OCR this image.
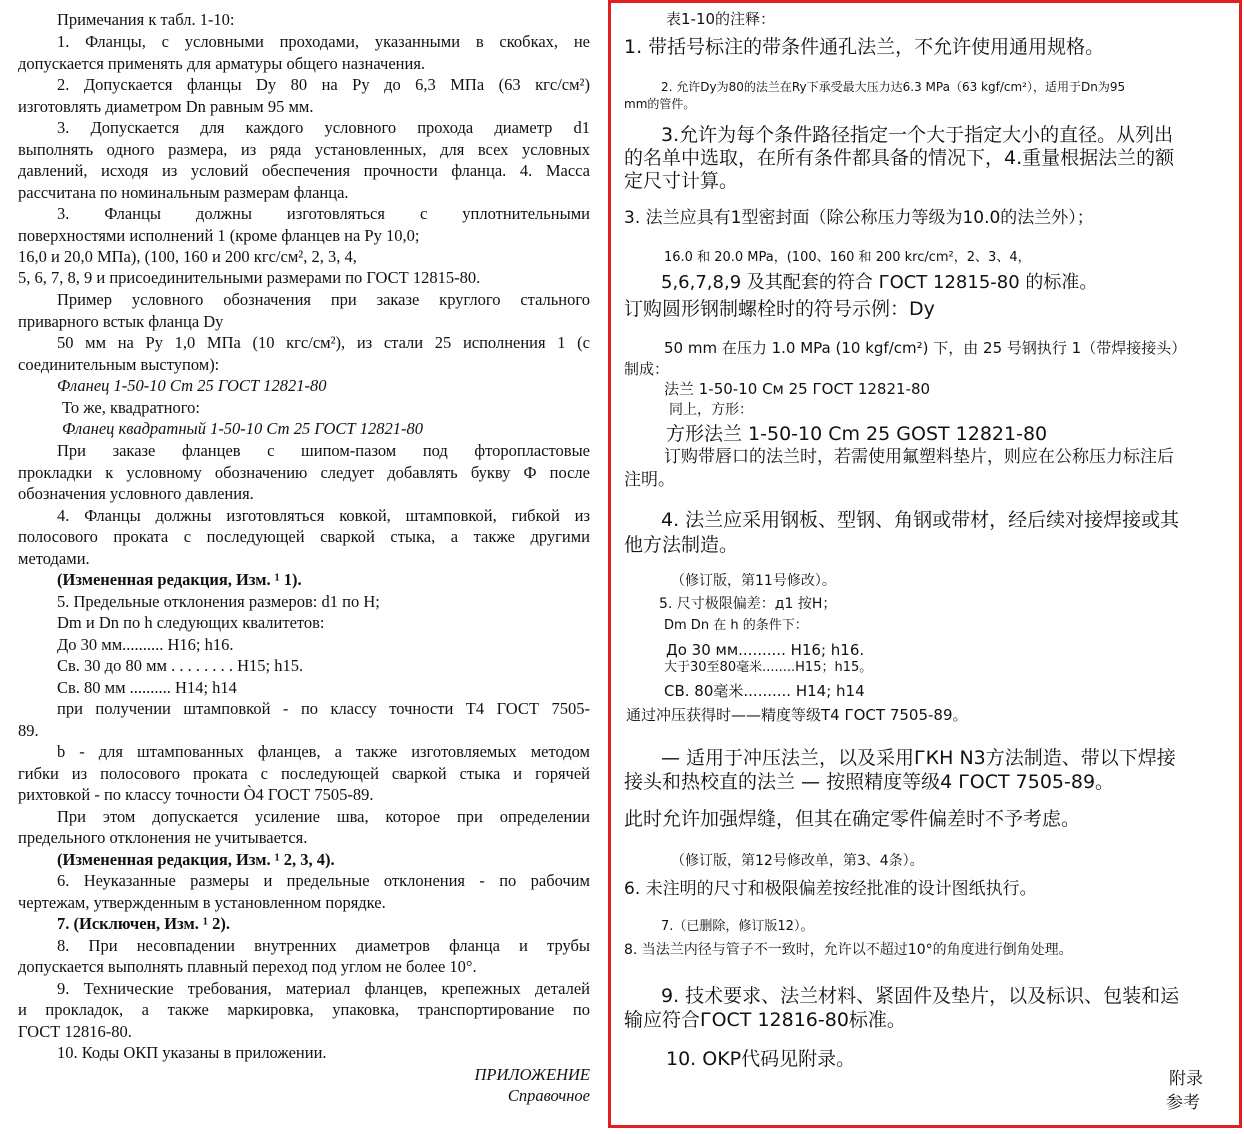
Примечания к табл. 1-10:
1. Фланцы, с условными проходами, указанными в скобках, не
допускается применять для арматуры общего назначения.
2. Допускается фланцы Dy 80 на Ру до 6,3 МПа (63 кгс/см²)
изготовлять диаметром Dn равным 95 мм.
3. Допускается для каждого условного прохода диаметр d1
выполнять одного размера, из ряда установленных, для всех условных
давлений, исходя из условий обеспечения прочности фланца. 4. Масса
рассчитана по номинальным размерам фланца.
3. Фланцы должны изготовляться с уплотнительными
поверхностями исполнений 1 (кроме фланцев на Ру 10,0;
16,0 и 20,0 МПа), (100, 160 и 200 кгс/см², 2, 3, 4,
5, 6, 7, 8, 9 и присоединительными размерами по ГОСТ 12815-80.
Пример условного обозначения при заказе круглого стального
приварного встык фланца Dy
50 мм на Ру 1,0 МПа (10 кгс/см²), из стали 25 исполнения 1 (с
соединительным выступом):
Фланец 1-50-10 Ст 25 ГОСТ 12821-80
То же, квадратного:
Фланец квадратный 1-50-10 Ст 25 ГОСТ 12821-80
При заказе фланцев с шипом-пазом под фторопластовые
прокладки к условному обозначению следует добавлять букву Ф после
обозначения условного давления.
4. Фланцы должны изготовляться ковкой, штамповкой, гибкой из
полосового проката с последующей сваркой стыка, а также другими
методами.
(Измененная редакция, Изм. ¹ 1).
5. Предельные отклонения размеров: d1 по H;
Dm и Dn по h следующих квалитетов:
До 30 мм.......... H16; h16.
Св. 30 до 80 мм . . . . . . . . H15; h15.
Св. 80 мм .......... H14; h14
при получении штамповкой - по классу точности Т4 ГОСТ 7505-
89.
b - для штампованных фланцев, а также изготовляемых методом
гибки из полосового проката с последующей сваркой стыка и горячей
рихтовкой - по классу точности Ò4 ГОСТ 7505-89.
При этом допускается усиление шва, которое при определении
предельного отклонения не учитывается.
(Измененная редакция, Изм. ¹ 2, 3, 4).
6. Неуказанные размеры и предельные отклонения - по рабочим
чертежам, утвержденным в установленном порядке.
7. (Исключен, Изм. ¹ 2).
8. При несовпадении внутренних диаметров фланца и трубы
допускается выполнять плавный переход под углом не более 10°.
9. Технические требования, материал фланцев, крепежных деталей
и прокладок, а также маркировка, упаковка, транспортирование по
ГОСТ 12816-80.
10. Коды ОКП указаны в приложении.
ПРИЛОЖЕНИЕ
Справочное
表1-10的注释：
1. 带括号标注的带条件通孔法兰，不允许使用通用规格。
2. 允许Dy为80的法兰在Ry下承受最大压力达6.3 MPa（63 kgf/cm²），适用于Dn为95
mm的管件。
3.允许为每个条件路径指定一个大于指定大小的直径。从列出
的名单中选取，在所有条件都具备的情况下，4.重量根据法兰的额
定尺寸计算。
3. 法兰应具有1型密封面（除公称压力等级为10.0的法兰外）；
16.0 和 20.0 MPa，(100、160 和 200 krc/cm²，2、3、4，
5,6,7,8,9 及其配套的符合 ГОСТ 12815-80 的标准。
订购圆形钢制螺栓时的符号示例：Dy
50 mm 在压力 1.0 MPa (10 kgf/cm²) 下，由 25 号钢执行 1（带焊接接头）
制成：
法兰 1-50-10 См 25 ГОСТ 12821-80
同上，方形：
方形法兰 1-50-10 Cm 25 GOST 12821-80
订购带唇口的法兰时，若需使用氟塑料垫片，则应在公称压力标注后
注明。
4. 法兰应采用钢板、型钢、角钢或带材，经后续对接焊接或其
他方法制造。
（修订版，第11号修改）。
5. 尺寸极限偏差：д1 按H；
Dm Dn 在 h 的条件下：
До 30 мм.......... H16; h16.
大于30至80毫米........H15；h15。
CB. 80毫米.......... H14; h14
通过冲压获得时——精度等级T4 ГОСТ 7505-89。
— 适用于冲压法兰，以及采用ГКН N3方法制造、带以下焊接
接头和热校直的法兰 — 按照精度等级4 ГОСТ 7505-89。
此时允许加强焊缝，但其在确定零件偏差时不予考虑。
（修订版，第12号修改单，第3、4条）。
6. 未注明的尺寸和极限偏差按经批准的设计图纸执行。
7.（已删除，修订版12）。
8. 当法兰内径与管子不一致时，允许以不超过10°的角度进行倒角处理。
9. 技术要求、法兰材料、紧固件及垫片，以及标识、包装和运
输应符合ГОСТ 12816-80标准。
10. OKP代码见附录。
附录
参考
